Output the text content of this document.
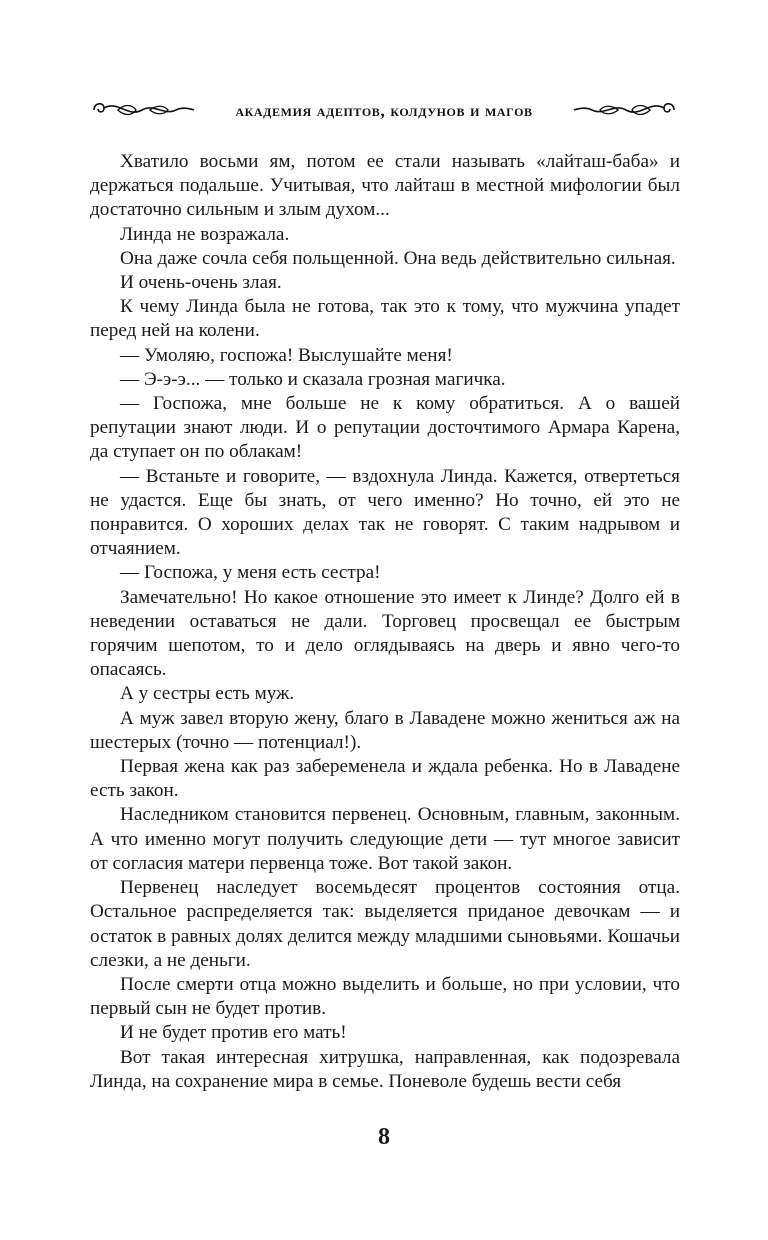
академия адептов, колдунов и магов

Хватило восьми ям, потом ее стали называть «лайташ-баба» и держаться подальше. Учитывая, что лайташ в местной мифологии был достаточно сильным и злым духом...

Линда не возражала.

Она даже сочла себя польщенной. Она ведь действительно сильная.

И очень-очень злая.

К чему Линда была не готова, так это к тому, что мужчина упадет перед ней на колени.

— Умоляю, госпожа! Выслушайте меня!

— Э-э-э... — только и сказала грозная магичка.

— Госпожа, мне больше не к кому обратиться. А о вашей репутации знают люди. И о репутации досточтимого Армара Карена, да ступает он по облакам!

— Встаньте и говорите, — вздохнула Линда. Кажется, отвертеться не удастся. Еще бы знать, от чего именно? Но точно, ей это не понравится. О хороших делах так не говорят. С таким надрывом и отчаянием.

— Госпожа, у меня есть сестра!

Замечательно! Но какое отношение это имеет к Линде? Долго ей в неведении оставаться не дали. Торговец просвещал ее быстрым горячим шепотом, то и дело оглядываясь на дверь и явно чего-то опасаясь.

А у сестры есть муж.

А муж завел вторую жену, благо в Лавадене можно жениться аж на шестерых (точно — потенциал!).

Первая жена как раз забеременела и ждала ребенка. Но в Лавадене есть закон.

Наследником становится первенец. Основным, главным, законным. А что именно могут получить следующие дети — тут многое зависит от согласия матери первенца тоже. Вот такой закон.

Первенец наследует восемьдесят процентов состояния отца. Остальное распределяется так: выделяется приданое девочкам — и остаток в равных долях делится между младшими сыновьями. Кошачьи слезки, а не деньги.

После смерти отца можно выделить и больше, но при условии, что первый сын не будет против.

И не будет против его мать!

Вот такая интересная хитрушка, направленная, как подозревала Линда, на сохранение мира в семье. Поневоле будешь вести себя

8
